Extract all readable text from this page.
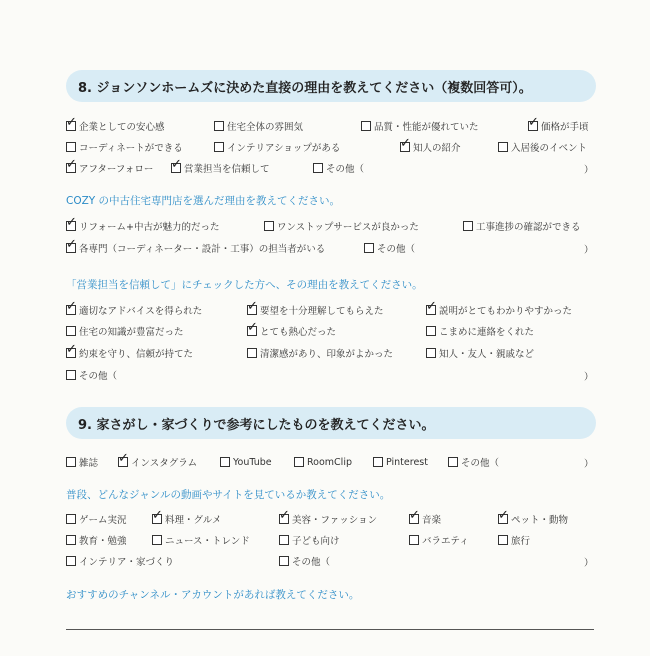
8. ジョンソンホームズに決めた直接の理由を教えてください（複数回答可）。
✓ 企業としての安心感	住宅全体の雰囲気	品質・性能が優れていた	✓ 価格が手頃
コーディネートができる	インテリアショップがある	✓ 知人の紹介	入居後のイベント
✓ アフターフォロー ✓ 営業担当を信頼して	その他（	）
COZY の中古住宅専門店を選んだ理由を教えてください。
✓ リフォーム+中古が魅力的だった	ワンストップサービスが良かった	工事進捗の確認ができる
✓ 各専門（コーディネーター・設計・工事）の担当者がいる	その他（	）
「営業担当を信頼して」にチェックした方へ、その理由を教えてください。
✓ 適切なアドバイスを得られた	✓ 要望を十分理解してもらえた	✓ 説明がとてもわかりやすかった
住宅の知識が豊富だった	✓ とても熱心だった	こまめに連絡をくれた
✓ 約束を守り、信頼が持てた	清潔感があり、印象がよかった	知人・友人・親戚など
その他（	）
9. 家さがし・家づくりで参考にしたものを教えてください。
雑誌 ✓ インスタグラム	YouTube	RoomClip	Pinterest	その他（	）
普段、どんなジャンルの動画やサイトを見ているか教えてください。
ゲーム実況 ✓ 料理・グルメ	✓ 美容・ファッション ✓ 音楽	✓ ペット・動物
教育・勉強	ニュース・トレンド	子ども向け	バラエティ	旅行
インテリア・家づくり	その他（	）
おすすめのチャンネル・アカウントがあれば教えてください。
